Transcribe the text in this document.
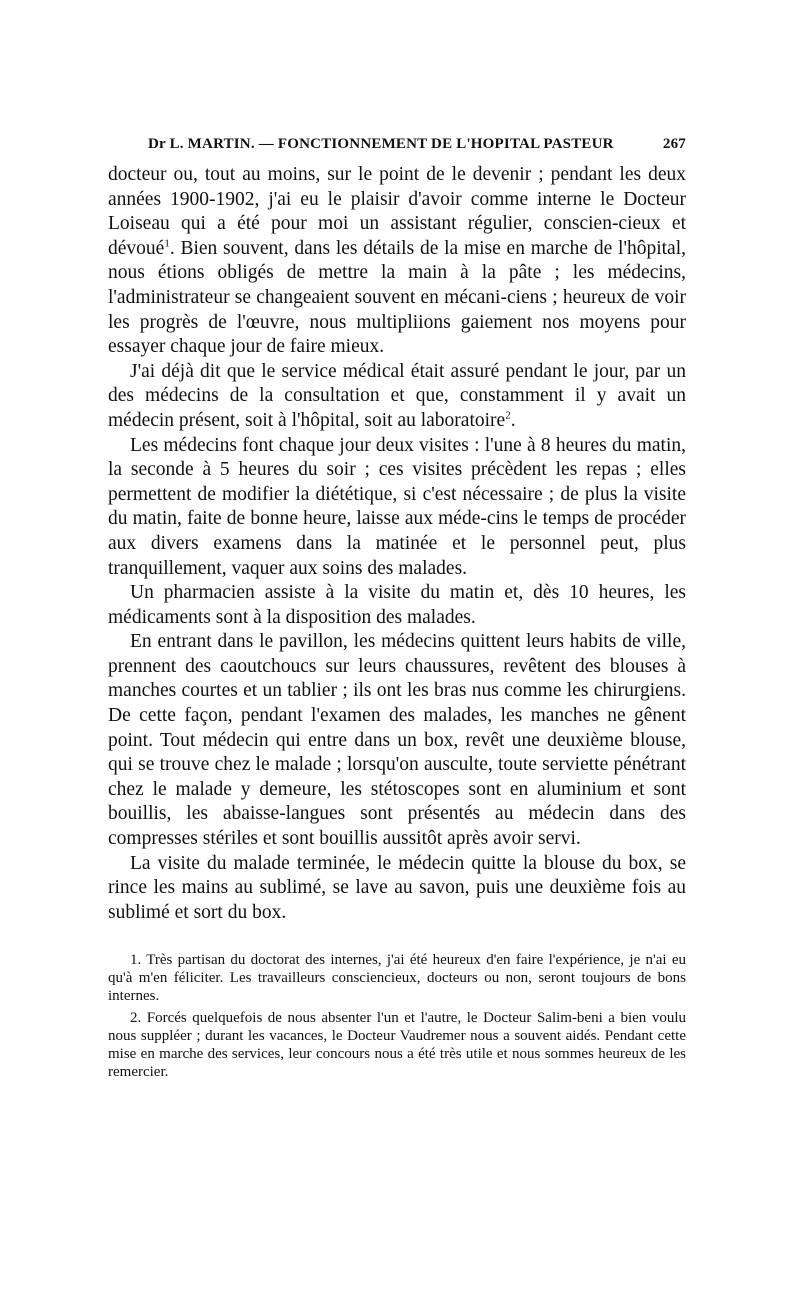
Dr L. MARTIN. — FONCTIONNEMENT DE L'HOPITAL PASTEUR	267

docteur ou, tout au moins, sur le point de le devenir ; pendant les deux années 1900-1902, j'ai eu le plaisir d'avoir comme interne le Docteur Loiseau qui a été pour moi un assistant régulier, conscien-cieux et dévoué$^1$. Bien souvent, dans les détails de la mise en marche de l'hôpital, nous étions obligés de mettre la main à la pâte ; les médecins, l'administrateur se changeaient souvent en mécani-ciens ; heureux de voir les progrès de l'œuvre, nous multipliions gaiement nos moyens pour essayer chaque jour de faire mieux.

J'ai déjà dit que le service médical était assuré pendant le jour, par un des médecins de la consultation et que, constamment il y avait un médecin présent, soit à l'hôpital, soit au laboratoire$^2$.

Les médecins font chaque jour deux visites : l'une à 8 heures du matin, la seconde à 5 heures du soir ; ces visites précèdent les repas ; elles permettent de modifier la diététique, si c'est nécessaire ; de plus la visite du matin, faite de bonne heure, laisse aux méde-cins le temps de procéder aux divers examens dans la matinée et le personnel peut, plus tranquillement, vaquer aux soins des malades.

Un pharmacien assiste à la visite du matin et, dès 10 heures, les médicaments sont à la disposition des malades.

En entrant dans le pavillon, les médecins quittent leurs habits de ville, prennent des caoutchoucs sur leurs chaussures, revêtent des blouses à manches courtes et un tablier ; ils ont les bras nus comme les chirurgiens. De cette façon, pendant l'examen des malades, les manches ne gênent point. Tout médecin qui entre dans un box, revêt une deuxième blouse, qui se trouve chez le malade ; lorsqu'on ausculte, toute serviette pénétrant chez le malade y demeure, les stétoscopes sont en aluminium et sont bouillis, les abaisse-langues sont présentés au médecin dans des compresses stériles et sont bouillis aussitôt après avoir servi.

La visite du malade terminée, le médecin quitte la blouse du box, se rince les mains au sublimé, se lave au savon, puis une deuxième fois au sublimé et sort du box.

1. Très partisan du doctorat des internes, j'ai été heureux d'en faire l'expérience, je n'ai eu qu'à m'en féliciter. Les travailleurs consciencieux, docteurs ou non, seront toujours de bons internes.

2. Forcés quelquefois de nous absenter l'un et l'autre, le Docteur Salim-beni a bien voulu nous suppléer ; durant les vacances, le Docteur Vaudremer nous a souvent aidés. Pendant cette mise en marche des services, leur concours nous a été très utile et nous sommes heureux de les remercier.
